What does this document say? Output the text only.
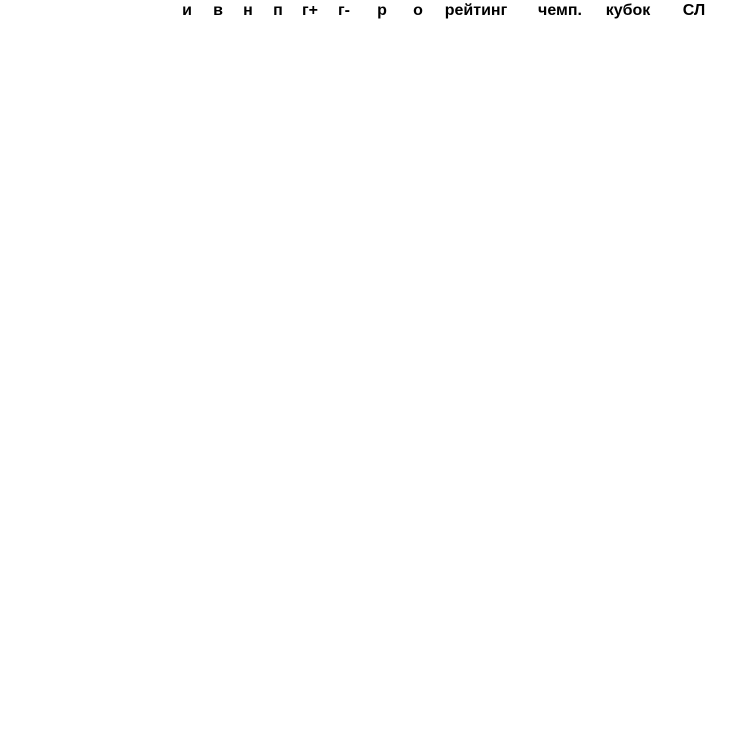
и	в	н	п	г+	г-	р	о	рейтинг	чемп.	кубок	СЛ
